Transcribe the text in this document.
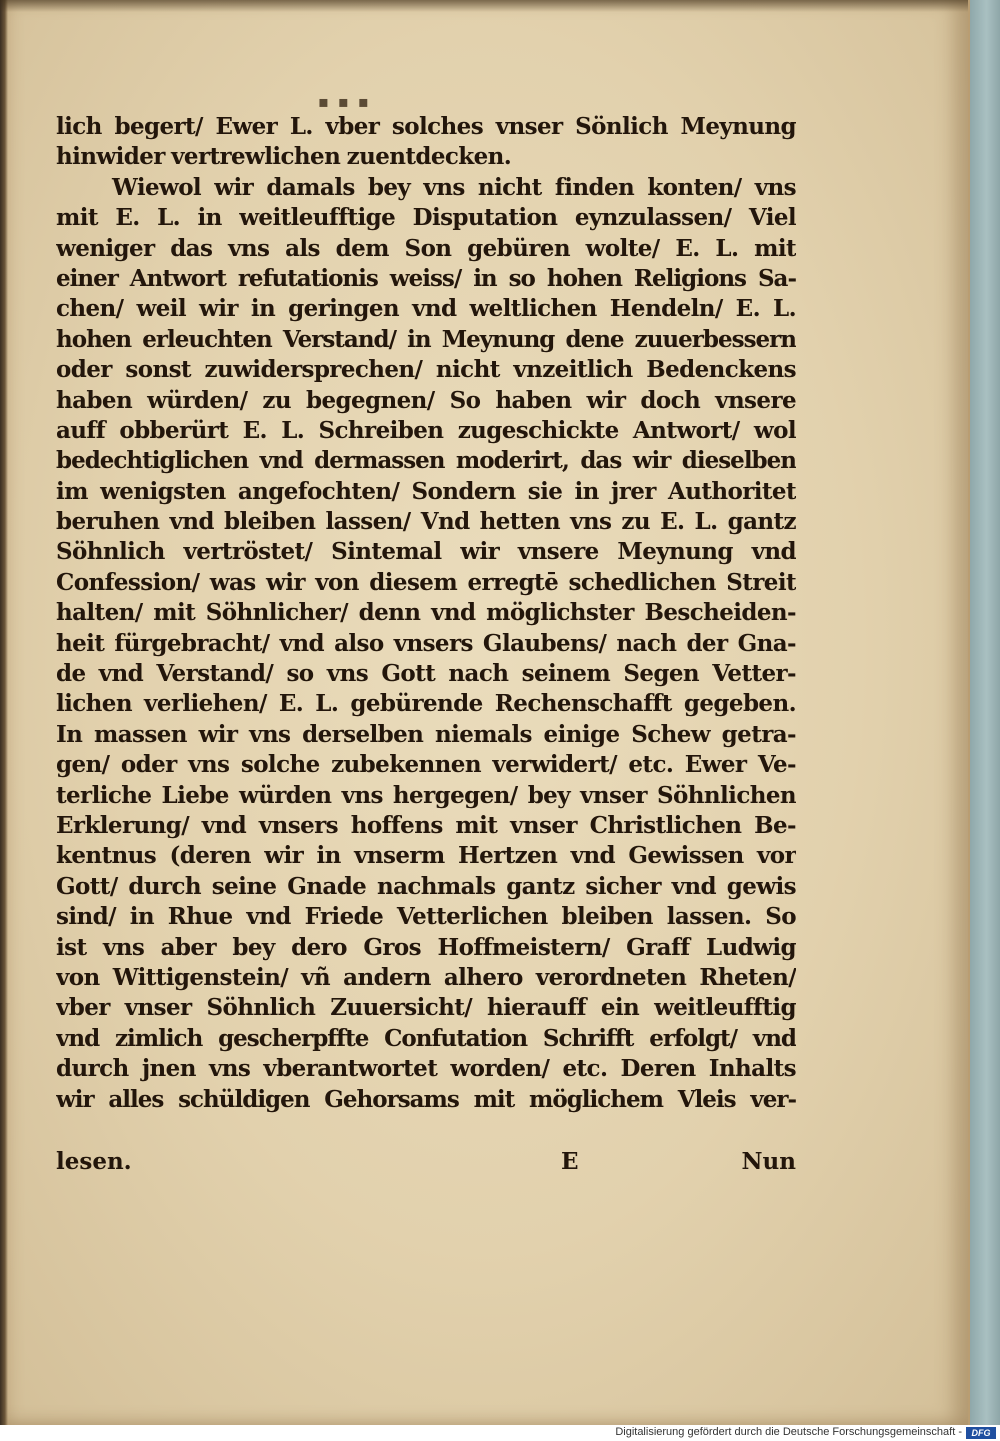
▪ ▪ ▪
lich begert/ Ewer L. vber solches vnser Sönlich Meynung
hinwider vertrewlichen zuentdecken.
Wiewol wir damals bey vns nicht finden konten/ vns
mit E. L. in weitleufftige Disputation eynzulassen/ Viel
weniger das vns als dem Son gebüren wolte/ E. L. mit
einer Antwort refutationis weiss/ in so hohen Religions Sa-
chen/ weil wir in geringen vnd weltlichen Hendeln/ E. L.
hohen erleuchten Verstand/ in Meynung dene zuuerbessern
oder sonst zuwidersprechen/ nicht vnzeitlich Bedenckens
haben würden/ zu begegnen/ So haben wir doch vnsere
auff obberürt E. L. Schreiben zugeschickte Antwort/ wol
bedechtiglichen vnd dermassen moderirt, das wir dieselben
im wenigsten angefochten/ Sondern sie in jrer Authoritet
beruhen vnd bleiben lassen/ Vnd hetten vns zu E. L. gantz
Söhnlich vertröstet/ Sintemal wir vnsere Meynung vnd
Confession/ was wir von diesem erregtē schedlichen Streit
halten/ mit Söhnlicher/ denn vnd möglichster Bescheiden-
heit fürgebracht/ vnd also vnsers Glaubens/ nach der Gna-
de vnd Verstand/ so vns Gott nach seinem Segen Vetter-
lichen verliehen/ E. L. gebürende Rechenschafft gegeben.
In massen wir vns derselben niemals einige Schew getra-
gen/ oder vns solche zubekennen verwidert/ etc. Ewer Ve-
terliche Liebe würden vns hergegen/ bey vnser Söhnlichen
Erklerung/ vnd vnsers hoffens mit vnser Christlichen Be-
kentnus (deren wir in vnserm Hertzen vnd Gewissen vor
Gott/ durch seine Gnade nachmals gantz sicher vnd gewis
sind/ in Rhue vnd Friede Vetterlichen bleiben lassen. So
ist vns aber bey dero Gros Hoffmeistern/ Graff Ludwig
von Wittigenstein/ vñ andern alhero verordneten Rheten/
vber vnser Söhnlich Zuuersicht/ hierauff ein weitleufftig
vnd zimlich gescherpffte Confutation Schrifft erfolgt/ vnd
durch jnen vns vberantwortet worden/ etc. Deren Inhalts
wir alles schüldigen Gehorsams mit möglichem Vleis ver-
lesen.	E	Nun
Digitalisierung gefördert durch die Deutsche Forschungsgemeinschaft -	DFG
